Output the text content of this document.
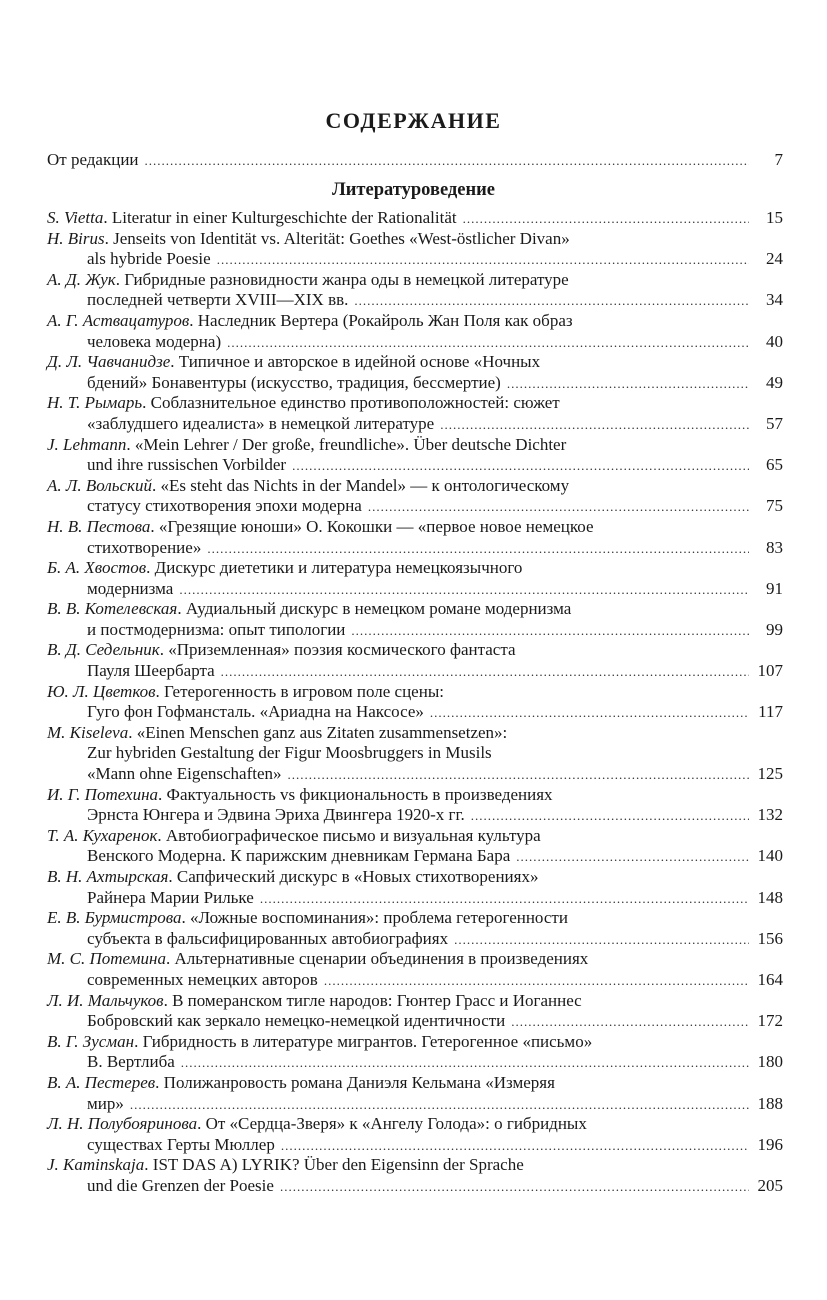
СОДЕРЖАНИЕ
От редакции .....	7
Литературоведение
S. Vietta . Literatur in einer Kulturgeschichte der Rationalität .....	15
H. Birus . Jenseits von Identität vs. Alterität: Goethes «West-östlicher Divan»
als hybride Poesie .....	24
А. Д. Жук . Гибридные разновидности жанра оды в немецкой литературе
последней четверти XVIII—XIX вв. .....	34
А. Г. Аствацатуров . Наследник Вертера (Рокайроль Жан Поля как образ
человека модерна) .....	40
Д. Л. Чавчанидзе . Типичное и авторское в идейной основе «Ночных
бдений» Бонавентуры (искусство, традиция, бессмертие) .....	49
Н. Т. Рымарь . Соблазнительное единство противоположностей: сюжет
«заблудшего идеалиста» в немецкой литературе .....	57
J. Lehmann . «Mein Lehrer / Der große, freundliche». Über deutsche Dichter
und ihre russischen Vorbilder .....	65
А. Л. Вольский . «Es steht das Nichts in der Mandel» — к онтологическому
статусу стихотворения эпохи модерна .....	75
Н. В. Пестова . «Грезящие юноши» О. Кокошки — «первое новое немецкое
стихотворение» .....	83
Б. А. Хвостов . Дискурс диететики и литература немецкоязычного
модернизма .....	91
В. В. Котелевская . Аудиальный дискурс в немецком романе модернизма
и постмодернизма: опыт типологии .....	99
В. Д. Седельник . «Приземленная» поэзия космического фантаста
Пауля Шеербарта .....	107
Ю. Л. Цветков . Гетерогенность в игровом поле сцены:
Гуго фон Гофмансталь. «Ариадна на Наксосе» .....	117
M. Kiseleva . «Einen Menschen ganz aus Zitaten zusammensetzen»:
Zur hybriden Gestaltung der Figur Moosbruggers in Musils
«Mann ohne Eigenschaften» .....	125
И. Г. Потехина . Фактуальность vs фикциональность в произведениях
Эрнста Юнгера и Эдвина Эриха Двингера 1920-х гг. .....	132
Т. А. Кухаренок . Автобиографическое письмо и визуальная культура
Венского Модерна. К парижским дневникам Германа Бара .....	140
В. Н. Ахтырская . Сапфический дискурс в «Новых стихотворениях»
Райнера Марии Рильке .....	148
Е. В. Бурмистрова . «Ложные воспоминания»: проблема гетерогенности
субъекта в фальсифицированных автобиографиях .....	156
М. С. Потемина . Альтернативные сценарии объединения в произведениях
современных немецких авторов .....	164
Л. И. Мальчуков . В померанском тигле народов: Гюнтер Грасс и Иоганнес
Бобровский как зеркало немецко-немецкой идентичности .....	172
В. Г. Зусман . Гибридность в литературе мигрантов. Гетерогенное «письмо»
В. Вертлиба .....	180
В. А. Пестерев . Полижанровость романа Даниэля Кельмана «Измеряя
мир» .....	188
Л. Н. Полубояринова . От «Сердца-Зверя» к «Ангелу Голода»: о гибридных
существах Герты Мюллер .....	196
J. Kaminskaja . IST DAS A) LYRIK? Über den Eigensinn der Sprache
und die Grenzen der Poesie .....	205
